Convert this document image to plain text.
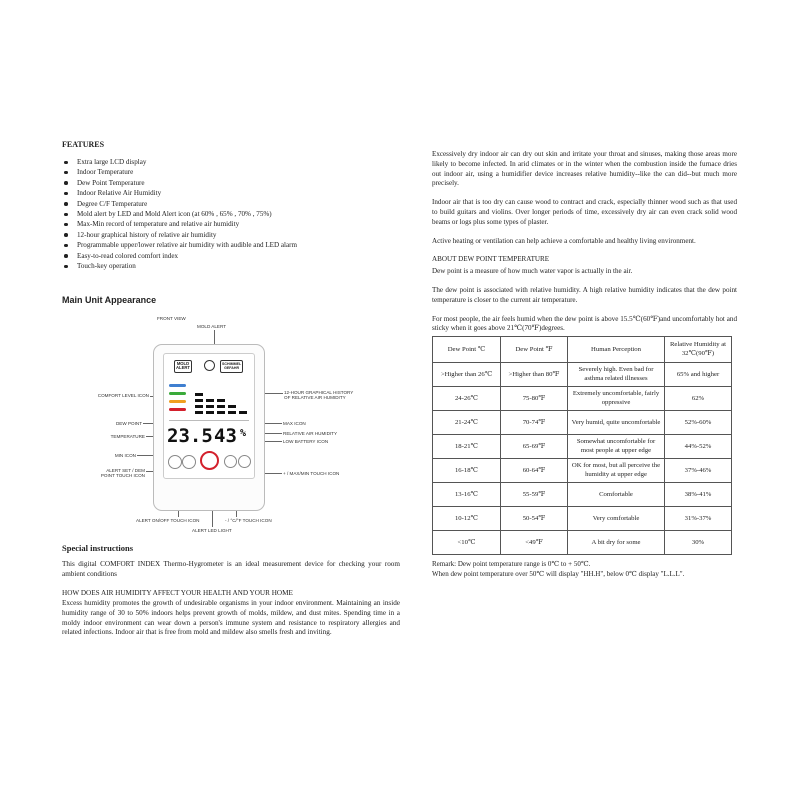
FEATURES
Extra large LCD display
Indoor Temperature
Dew Point Temperature
Indoor Relative Air Humidity
Degree C/F Temperature
Mold alert by LED and Mold Alert icon (at 60% , 65% , 70% , 75%)
Max-Min record of temperature and relative air humidity
12-hour graphical history of relative air humidity
Programmable upper/lower relative air humidity with audible and LED alarm
Easy-to-read colored comfort index
Touch-key operation
Main Unit Appearance
FRONT VIEW
MOLD ALERT
COMFORT LEVEL ICON
12-HOUR GRAPHICAL HISTORY
OF RELATIVE AIR HUMIDITY
DEW POINT
TEMPERATURE
MAX ICON
RELATIVE AIR HUMIDITY
LOW BATTERY ICON
MIN ICON
ALERT SET / DEM
POINT TOUCH ICON	+ / MAX/MIN TOUCH ICON
ALERT ON/OFF TOUCH ICON	- / °C/°F TOUCH ICON
ALERT LED LIGHT
MOLD
ALERT
SCHIMMEL
GEFAHR
23.5 43 %
Special instructions
This digital COMFORT INDEX Thermo-Hygrometer is an ideal measurement device for checking your room ambient conditions
HOW DOES AIR HUMIDITY AFFECT YOUR HEALTH AND YOUR HOME
Excess humidity promotes the growth of undesirable organisms in your indoor environment. Maintaining an inside humidity range of 30 to 50% indoors helps prevent growth of molds, mildew, and dust mites. Spending time in a moldy indoor environment can wear down a person's immune system and resistance to respiratory allergies and related infections. Indoor air that is free from mold and mildew also smells fresh and inviting.

Excessively dry indoor air can dry out skin and irritate your throat and sinuses, making those areas more likely to become infected. In arid climates or in the winter when the combustion inside the furnace dries out indoor air, using a humidifier device increases relative humidity--like the can did--but much more precisely.

Indoor air that is too dry can cause wood to contract and crack, especially thinner wood such as that used to build guitars and violins. Over longer periods of time, excessively dry air can even crack solid wood beams or logs plus some types of plaster.

Active heating or ventilation can help achieve a comfortable and healthy living environment.

ABOUT DEW POINT TEMPERATURE

Dew point is a measure of how much water vapor is actually in the air.

The dew point is associated with relative humidity. A high relative humidity indicates that the dew point temperature is closer to the current air temperature.

For most people, the air feels humid when the dew point is above 15.5℃(60℉)and uncomfortably hot and sticky when it goes above 21℃(70℉)degrees.

Dew Point ℃	Dew Point ℉	Human Perception	Relative Humidity at 32℃(90℉)
>Higher than 26℃	>Higher than 80℉	Severely high. Even bad for asthma related illnesses	65% and higher
24-26℃	75-80℉	Extremely uncomfortable, fairly oppressive	62%
21-24℃	70-74℉	Very humid, quite uncomfortable	52%-60%
18-21℃	65-69℉	Somewhat uncomfortable for most people at upper edge	44%-52%
16-18℃	60-64℉	OK for most, but all perceive the humidity at upper edge	37%-46%
13-16℃	55-59℉	Comfortable	38%-41%
10-12℃	50-54℉	Very comfortable	31%-37%
<10℃	<49℉	A bit dry for some	30%
Remark: Dew point temperature range is 0℃ to + 50℃.
When dew point temperature over 50℃ will display "HH.H", below 0℃ display "L.L.L".
